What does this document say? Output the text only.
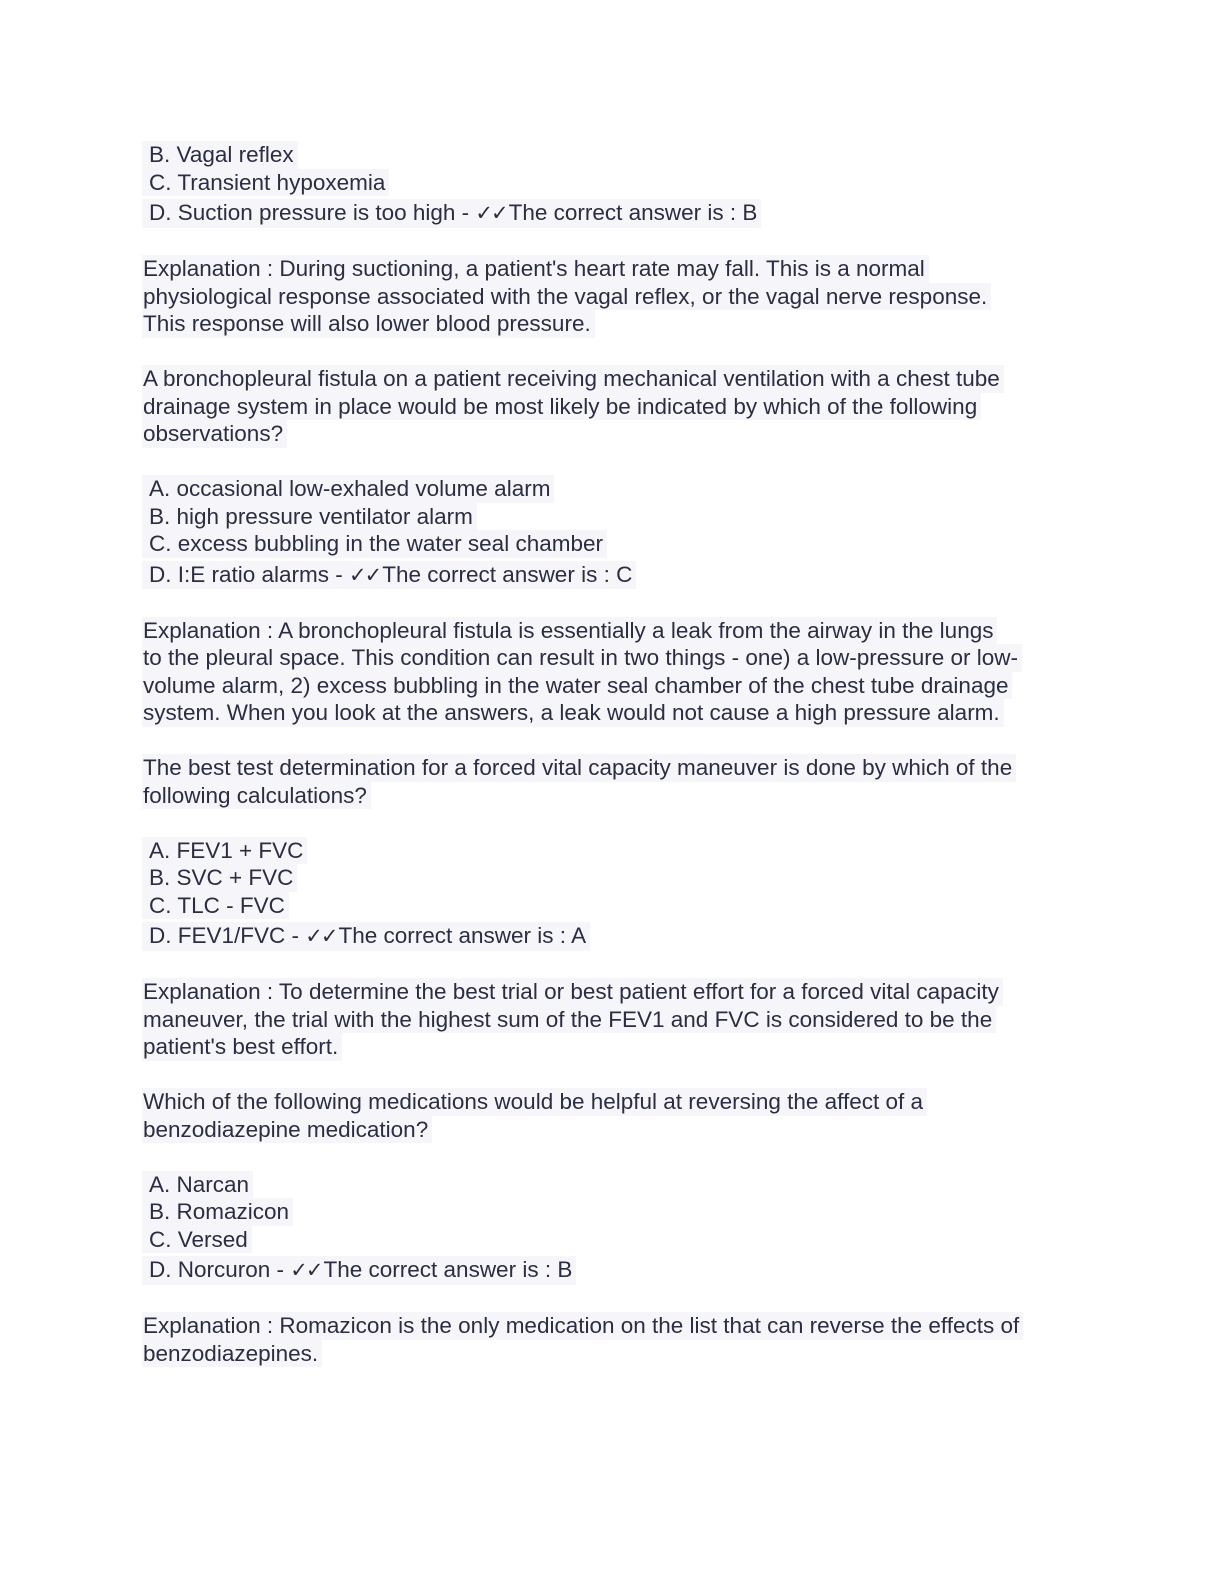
B. Vagal reflex
C. Transient hypoxemia
D. Suction pressure is too high - ✓✓The correct answer is : B
Explanation : During suctioning, a patient's heart rate may fall. This is a normal
physiological response associated with the vagal reflex, or the vagal nerve response.
This response will also lower blood pressure.
A bronchopleural fistula on a patient receiving mechanical ventilation with a chest tube
drainage system in place would be most likely be indicated by which of the following
observations?
A. occasional low-exhaled volume alarm
B. high pressure ventilator alarm
C. excess bubbling in the water seal chamber
D. I:E ratio alarms - ✓✓The correct answer is : C
Explanation : A bronchopleural fistula is essentially a leak from the airway in the lungs
to the pleural space. This condition can result in two things - one) a low-pressure or low-
volume alarm, 2) excess bubbling in the water seal chamber of the chest tube drainage
system. When you look at the answers, a leak would not cause a high pressure alarm.
The best test determination for a forced vital capacity maneuver is done by which of the
following calculations?
A. FEV1 + FVC
B. SVC + FVC
C. TLC - FVC
D. FEV1/FVC - ✓✓The correct answer is : A
Explanation : To determine the best trial or best patient effort for a forced vital capacity
maneuver, the trial with the highest sum of the FEV1 and FVC is considered to be the
patient's best effort.
Which of the following medications would be helpful at reversing the affect of a
benzodiazepine medication?
A. Narcan
B. Romazicon
C. Versed
D. Norcuron - ✓✓The correct answer is : B
Explanation : Romazicon is the only medication on the list that can reverse the effects of
benzodiazepines.
